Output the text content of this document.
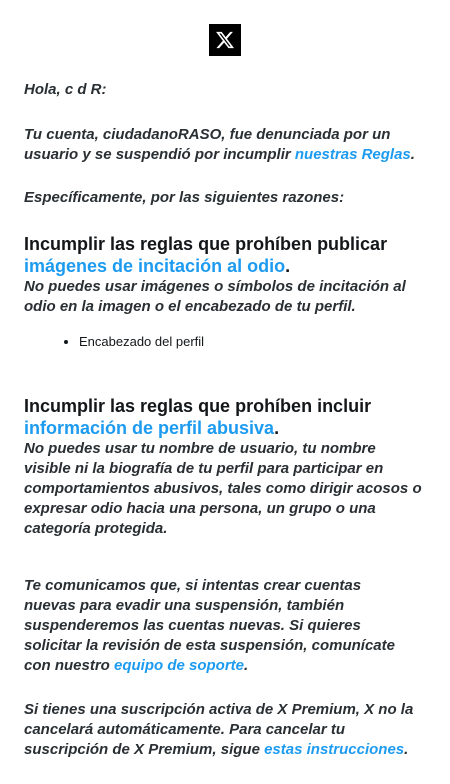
Hola, c d R:

Tu cuenta, ciudadanoRASO, fue denunciada por un usuario y se suspendió por incumplir nuestras Reglas.

Específicamente, por las siguientes razones:

Incumplir las reglas que prohíben publicar imágenes de incitación al odio.

No puedes usar imágenes o símbolos de incitación al odio en la imagen o el encabezado de tu perfil.

• Encabezado del perfil

Incumplir las reglas que prohíben incluir información de perfil abusiva.

No puedes usar tu nombre de usuario, tu nombre visible ni la biografía de tu perfil para participar en comportamientos abusivos, tales como dirigir acosos o expresar odio hacia una persona, un grupo o una categoría protegida.

Te comunicamos que, si intentas crear cuentas nuevas para evadir una suspensión, también suspenderemos las cuentas nuevas. Si quieres solicitar la revisión de esta suspensión, comunícate con nuestro equipo de soporte.

Si tienes una suscripción activa de X Premium, X no la cancelará automáticamente. Para cancelar tu suscripción de X Premium, sigue estas instrucciones.
